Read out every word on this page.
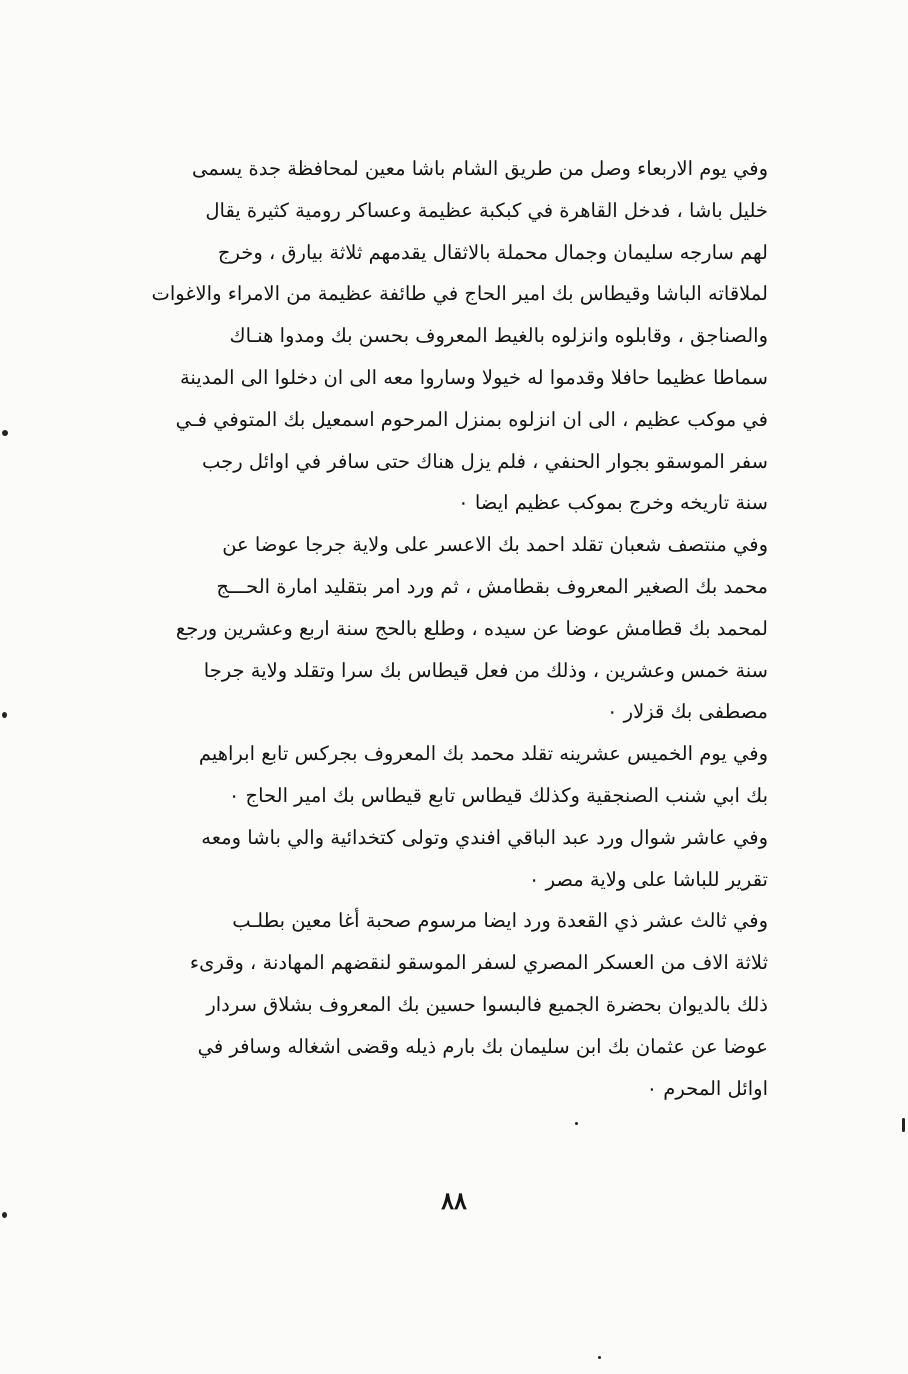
وفي يوم الاربعاء وصل من طريق الشام باشا معين لمحافظة جدة يسمى
خليل باشا ، فدخل القاهرة في كبكبة عظيمة وعساكر رومية كثيرة يقال
لهم سارجه سليمان وجمال محملة بالاثقال يقدمهم ثلاثة بيارق ، وخرج
لملاقاته الباشا وقيطاس بك امير الحاج في طائفة عظيمة من الامراء والاغوات
والصناجق ، وقابلوه وانزلوه بالغيط المعروف بحسن بك ومدوا هنـاك
سماطا عظيما حافلا وقدموا له خيولا وساروا معه الى ان دخلوا الى المدينة
في موكب عظيم ، الى ان انزلوه بمنزل المرحوم اسمعيل بك المتوفي فـي
سفر الموسقو بجوار الحنفي ، فلم يزل هناك حتى سافر في اوائل رجب
سنة تاريخه وخرج بموكب عظيم ايضا ٠

وفي منتصف شعبان تقلد احمد بك الاعسر على ولاية جرجا عوضا عن
محمد بك الصغير المعروف بقطامش ، ثم ورد امر بتقليد امارة الحـــج
لمحمد بك قطامش عوضا عن سيده ، وطلع بالحج سنة اربع وعشرين ورجع
سنة خمس وعشرين ، وذلك من فعل قيطاس بك سرا وتقلد ولاية جرجا
مصطفى بك قزلار ٠

وفي يوم الخميس عشرينه تقلد محمد بك المعروف بجركس تابع ابراهيم
بك ابي شنب الصنجقية وكذلك قيطاس تابع قيطاس بك امير الحاج ٠

وفي عاشر شوال ورد عبد الباقي افندي وتولى كتخدائية والي باشا ومعه
تقرير للباشا على ولاية مصر ٠

وفي ثالث عشر ذي القعدة ورد ايضا مرسوم صحبة أغا معين بطلـب
ثلاثة الاف من العسكر المصري لسفر الموسقو لنقضهم المهادنة ، وقرىء
ذلك بالديوان بحضرة الجميع فالبسوا حسين بك المعروف بشلاق سردار
عوضا عن عثمان بك ابن سليمان بك بارم ذيله وقضى اشغاله وسافر في
اوائل المحرم ٠

٨٨
